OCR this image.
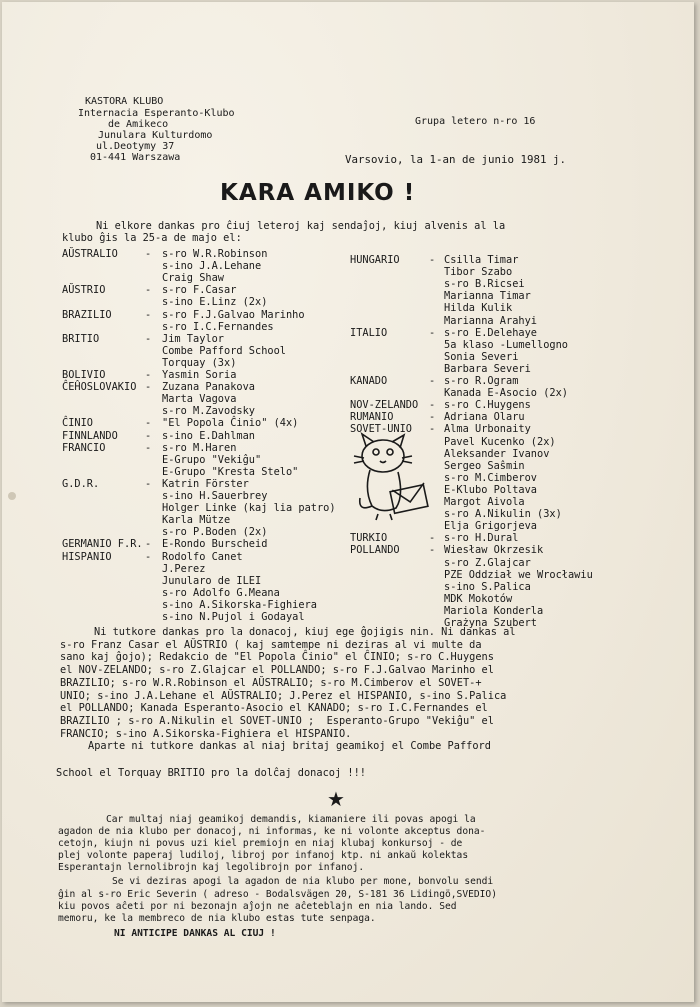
KASTORA KLUBO
Internacia Esperanto-Klubo
de Amikeco
Junulara Kulturdomo
ul.Deotymy 37
01-441 Warszawa
Grupa letero n-ro 16
Varsovio, la 1-an de junio 1981 j.
KARA AMIKO !
Ni elkore dankas pro ĉiuj leteroj kaj sendaĵoj, kiuj alvenis al la
klubo ĝis la 25-a de majo el:
AŬSTRALIO	- s-ro W.R.Robinson
s-ino J.A.Lehane
Craig Shaw
AŬSTRIO	- s-ro F.Casar
s-ino E.Linz (2x)
BRAZILIO	- s-ro F.J.Galvao Marinho
s-ro I.C.Fernandes
BRITIO	- Jim Taylor
Combe Pafford School
Torquay (3x)
BOLIVIO	- Yasmin Soria
ĈEĤOSLOVAKIO - Zuzana Panakova
Marta Vagova
s-ro M.Zavodsky
ĈINIO	- "El Popola Ĉinio" (4x)
FINNLANDO	- s-ino E.Dahlman
FRANCIO	- s-ro M.Haren
E-Grupo "Vekiĝu"
E-Grupo "Kresta Stelo"
G.D.R.	- Katrin Förster
s-ino H.Sauerbrey
Holger Linke (kaj lia patro)
Karla Mütze
s-ro P.Boden (2x)
GERMANIO F.R. - E-Rondo Burscheid
HISPANIO	- Rodolfo Canet
J.Perez
Junularo de ILEI
s-ro Adolfo G.Meana
s-ino A.Sikorska-Fighiera
s-ino N.Pujol i Godayal
HUNGARIO	- Csilla Timar
Tibor Szabo
s-ro B.Ricsei
Marianna Timar
Hilda Kulik
Marianna Arahyi
ITALIO	- s-ro E.Delehaye
5a klaso -Lumellogno
Sonia Severi
Barbara Severi
KANADO	- s-ro R.Ogram
Kanada E-Asocio (2x)
NOV-ZELANDO - s-ro C.Huygens
RUMANIO	- Adriana Olaru
SOVET-UNIO - Alma Urbonaity
Pavel Kucenko (2x)
Aleksander Ivanov
Sergeo Saŝmin
s-ro M.Cimberov
E-Klubo Poltava
Margot Aivola
s-ro A.Nikulin (3x)
Elja Grigorjeva
TURKIO	- s-ro H.Dural
POLLANDO	- Wiesław Okrzesik
s-ro Z.Glajcar
PZE Oddział we Wrocławiu
s-ino S.Palica
MDK Mokotów
Mariola Konderla
Grażyna Szubert
Ni tutkore dankas pro la donacoj, kiuj ege ĝojigis nin. Ni dankas al
s-ro Franz Casar el AŬSTRIO ( kaj samtempe ni deziras al vi multe da
sano kaj ĝojo); Redakcio de "El Popola Ĉinio" el ĈINIO; s-ro C.Huygens
el NOV-ZELANDO; s-ro Z.Glajcar el POLLANDO; s-ro F.J.Galvao Marinho el
BRAZILIO; s-ro W.R.Robinson el AŬSTRALIO; s-ro M.Cimberov el SOVET-+
UNIO; s-ino J.A.Lehane el AŬSTRALIO; J.Perez el HISPANIO, s-ino S.Palica
el POLLANDO; Kanada Esperanto-Asocio el KANADO; s-ro I.C.Fernandes el
BRAZILIO ; s-ro A.Nikulin el SOVET-UNIO ;  Esperanto-Grupo "Vekiĝu" el
FRANCIO; s-ino A.Sikorska-Fighiera el HISPANIO.
Aparte ni tutkore dankas al niaj britaj geamikoj el Combe Pafford
School el Torquay BRITIO pro la dolĉaj donacoj !!!
★
Car multaj niaj geamikoj demandis, kiamaniere ili povas apogi la
agadon de nia klubo per donacoj, ni informas, ke ni volonte akceptus dona-
cetojn, kiujn ni povus uzi kiel premiojn en niaj klubaj konkursoj - de
plej volonte paperaj ludiloj, libroj por infanoj ktp. ni ankaŭ kolektas
Esperantajn lernolibrojn kaj legolibrojn por infanoj.
Se vi deziras apogi la agadon de nia klubo per mone, bonvolu sendi
ĝin al s-ro Eric Severin ( adreso - Bodalsvägen 20, S-181 36 Lidingö,SVEDIO)
kiu povos aĉeti por ni bezonajn aĵojn ne aĉeteblajn en nia lando. Sed
memoru, ke la membreco de nia klubo estas tute senpaga.
NI ANTICIPE DANKAS AL CIUJ !
